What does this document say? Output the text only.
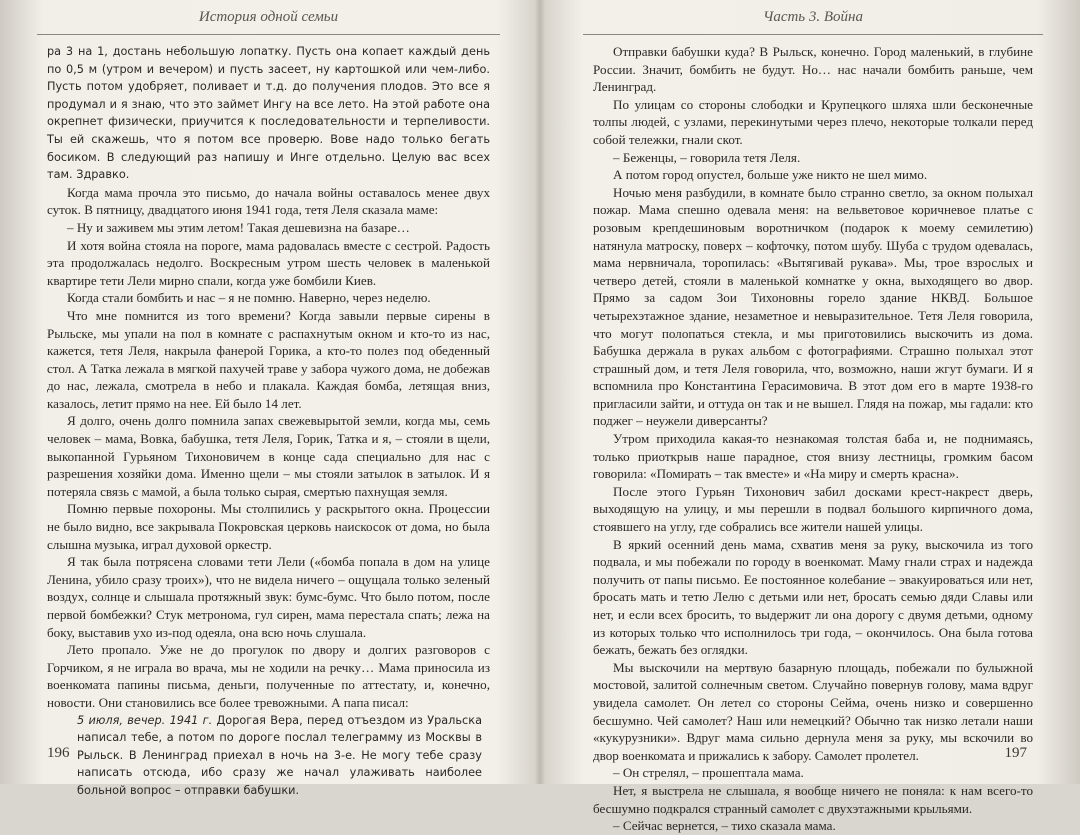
История одной семьи

ра 3 на 1, достань небольшую лопатку. Пусть она копает каждый день по 0,5 м (утром и вечером) и пусть засеет, ну картошкой или чем-либо. Пусть потом удобряет, поливает и т.д. до получения плодов. Это все я продумал и я знаю, что это займет Ингу на все лето. На этой работе она окрепнет физически, приучится к последовательности и терпеливости. Ты ей скажешь, что я потом все проверю. Вове надо только бегать босиком. В следующий раз напишу и Инге отдельно. Целую вас всех там. Здравко.

Когда мама прочла это письмо, до начала войны оставалось менее двух суток. В пятницу, двадцатого июня 1941 года, тетя Леля сказала маме:

– Ну и заживем мы этим летом! Такая дешевизна на базаре…

И хотя война стояла на пороге, мама радовалась вместе с сестрой. Радость эта продолжалась недолго. Воскресным утром шесть человек в маленькой квартире тети Лели мирно спали, когда уже бомбили Киев.

Когда стали бомбить и нас – я не помню. Наверно, через неделю.

Что мне помнится из того времени? Когда завыли первые сирены в Рыльске, мы упали на пол в комнате с распахнутым окном и кто-то из нас, кажется, тетя Леля, накрыла фанерой Горика, а кто-то полез под обеденный стол. А Татка лежала в мягкой пахучей траве у забора чужого дома, не добежав до нас, лежала, смотрела в небо и плакала. Каждая бомба, летящая вниз, казалось, летит прямо на нее. Ей было 14 лет.

Я долго, очень долго помнила запах свежевырытой земли, когда мы, семь человек – мама, Вовка, бабушка, тетя Леля, Горик, Татка и я, – стояли в щели, выкопанной Гурьяном Тихоновичем в конце сада специально для нас с разрешения хозяйки дома. Именно щели – мы стояли затылок в затылок. И я потеряла связь с мамой, а была только сырая, смертью пахнущая земля.

Помню первые похороны. Мы столпились у раскрытого окна. Процессии не было видно, все закрывала Покровская церковь наискосок от дома, но была слышна музыка, играл духовой оркестр.

Я так была потрясена словами тети Лели («бомба попала в дом на улице Ленина, убило сразу троих»), что не видела ничего – ощущала только зеленый воздух, солнце и слышала протяжный звук: бумс-бумс. Что было потом, после первой бомбежки? Стук метронома, гул сирен, мама перестала спать; лежа на боку, выставив ухо из-под одеяла, она всю ночь слушала.

Лето пропало. Уже не до прогулок по двору и долгих разговоров с Горчиком, я не играла во врача, мы не ходили на речку… Мама приносила из военкомата папины письма, деньги, полученные по аттестату, и, конечно, новости. Они становились все более тревожными. А папа писал:

5 июля, вечер. 1941 г. Дорогая Вера, перед отъездом из Уральска написал тебе, а потом по дороге послал телеграмму из Москвы в Рыльск. В Ленинград приехал в ночь на 3-е. Не могу тебе сразу написать отсюда, ибо сразу же начал улаживать наиболее больной вопрос – отправки бабушки.

196
Часть 3. Война

Отправки бабушки куда? В Рыльск, конечно. Город маленький, в глубине России. Значит, бомбить не будут. Но… нас начали бомбить раньше, чем Ленинград.

По улицам со стороны слободки и Крупецкого шляха шли бесконечные толпы людей, с узлами, перекинутыми через плечо, некоторые толкали перед собой тележки, гнали скот.

– Беженцы, – говорила тетя Леля.

А потом город опустел, больше уже никто не шел мимо.

Ночью меня разбудили, в комнате было странно светло, за окном полыхал пожар. Мама спешно одевала меня: на вельветовое коричневое платье с розовым крепдешиновым воротничком (подарок к моему семилетию) натянула матроску, поверх – кофточку, потом шубу. Шуба с трудом одевалась, мама нервничала, торопилась: «Вытягивай рукава». Мы, трое взрослых и четверо детей, стояли в маленькой комнатке у окна, выходящего во двор. Прямо за садом Зои Тихоновны горело здание НКВД. Большое четырехэтажное здание, незаметное и невыразительное. Тетя Леля говорила, что могут полопаться стекла, и мы приготовились выскочить из дома. Бабушка держала в руках альбом с фотографиями. Страшно полыхал этот страшный дом, и тетя Леля говорила, что, возможно, наши жгут бумаги. И я вспомнила про Константина Герасимовича. В этот дом его в марте 1938-го пригласили зайти, и оттуда он так и не вышел. Глядя на пожар, мы гадали: кто поджег – неужели диверсанты?

Утром приходила какая-то незнакомая толстая баба и, не поднимаясь, только приоткрыв наше парадное, стоя внизу лестницы, громким басом говорила: «Помирать – так вместе» и «На миру и смерть красна».

После этого Гурьян Тихонович забил досками крест-накрест дверь, выходящую на улицу, и мы перешли в подвал большого кирпичного дома, стоявшего на углу, где собрались все жители нашей улицы.

В яркий осенний день мама, схватив меня за руку, выскочила из того подвала, и мы побежали по городу в военкомат. Маму гнали страх и надежда получить от папы письмо. Ее постоянное колебание – эвакуироваться или нет, бросать мать и тетю Лелю с детьми или нет, бросать семью дяди Славы или нет, и если всех бросить, то выдержит ли она дорогу с двумя детьми, одному из которых только что исполнилось три года, – окончилось. Она была готова бежать, бежать без оглядки.

Мы выскочили на мертвую базарную площадь, побежали по булыжной мостовой, залитой солнечным светом. Случайно повернув голову, мама вдруг увидела самолет. Он летел со стороны Сейма, очень низко и совершенно бесшумно. Чей самолет? Наш или немецкий? Обычно так низко летали наши «кукурузники». Вдруг мама сильно дернула меня за руку, мы вскочили во двор военкомата и прижались к забору. Самолет пролетел.

– Он стрелял, – прошептала мама.

Нет, я выстрела не слышала, я вообще ничего не поняла: к нам всего-то бесшумно подкрался странный самолет с двухэтажными крыльями.

– Сейчас вернется, – тихо сказала мама.

197
